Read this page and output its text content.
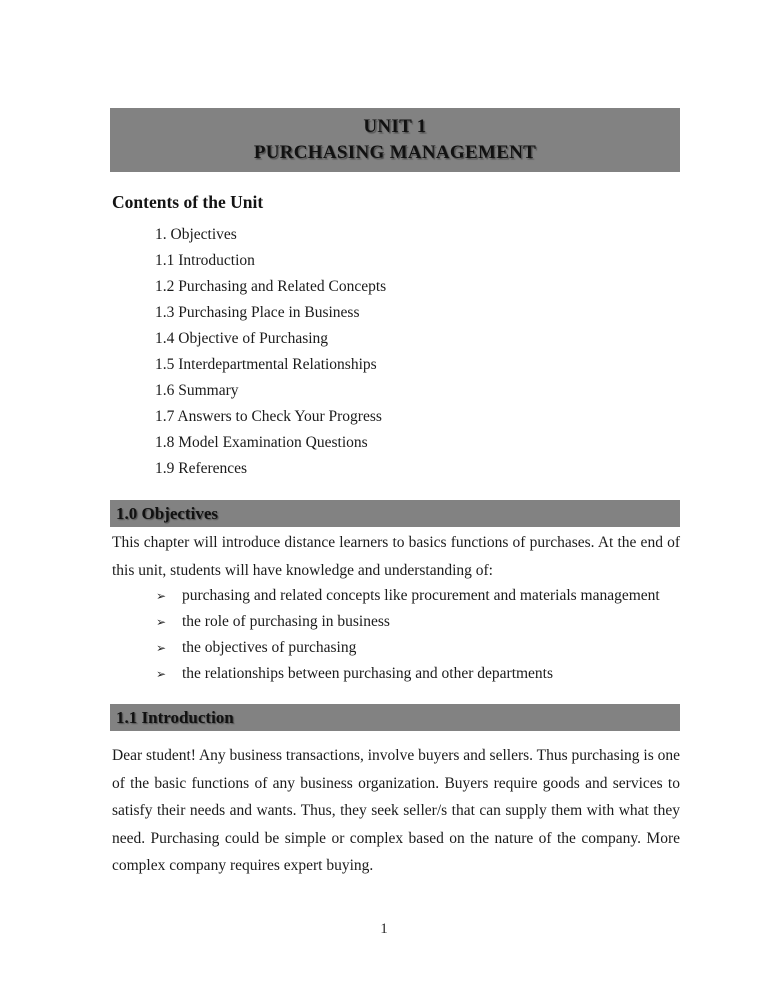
UNIT 1
PURCHASING MANAGEMENT
Contents of the Unit
1. Objectives
1.1 Introduction
1.2 Purchasing and Related Concepts
1.3 Purchasing Place in Business
1.4 Objective of Purchasing
1.5 Interdepartmental Relationships
1.6 Summary
1.7 Answers to Check Your Progress
1.8 Model Examination Questions
1.9 References
1.0 Objectives
This chapter will introduce distance learners to basics functions of purchases. At the end of this unit, students will have knowledge and understanding of:
➢	purchasing and related concepts like procurement and materials management
➢	the role of purchasing in business
➢	the objectives of purchasing
➢	the relationships between purchasing and other departments
1.1 Introduction
Dear student! Any business transactions, involve buyers and sellers. Thus purchasing is one of the basic functions of any business organization. Buyers require goods and services to satisfy their needs and wants. Thus, they seek seller/s that can supply them with what they need. Purchasing could be simple or complex based on the nature of the company. More complex company requires expert buying.
1
